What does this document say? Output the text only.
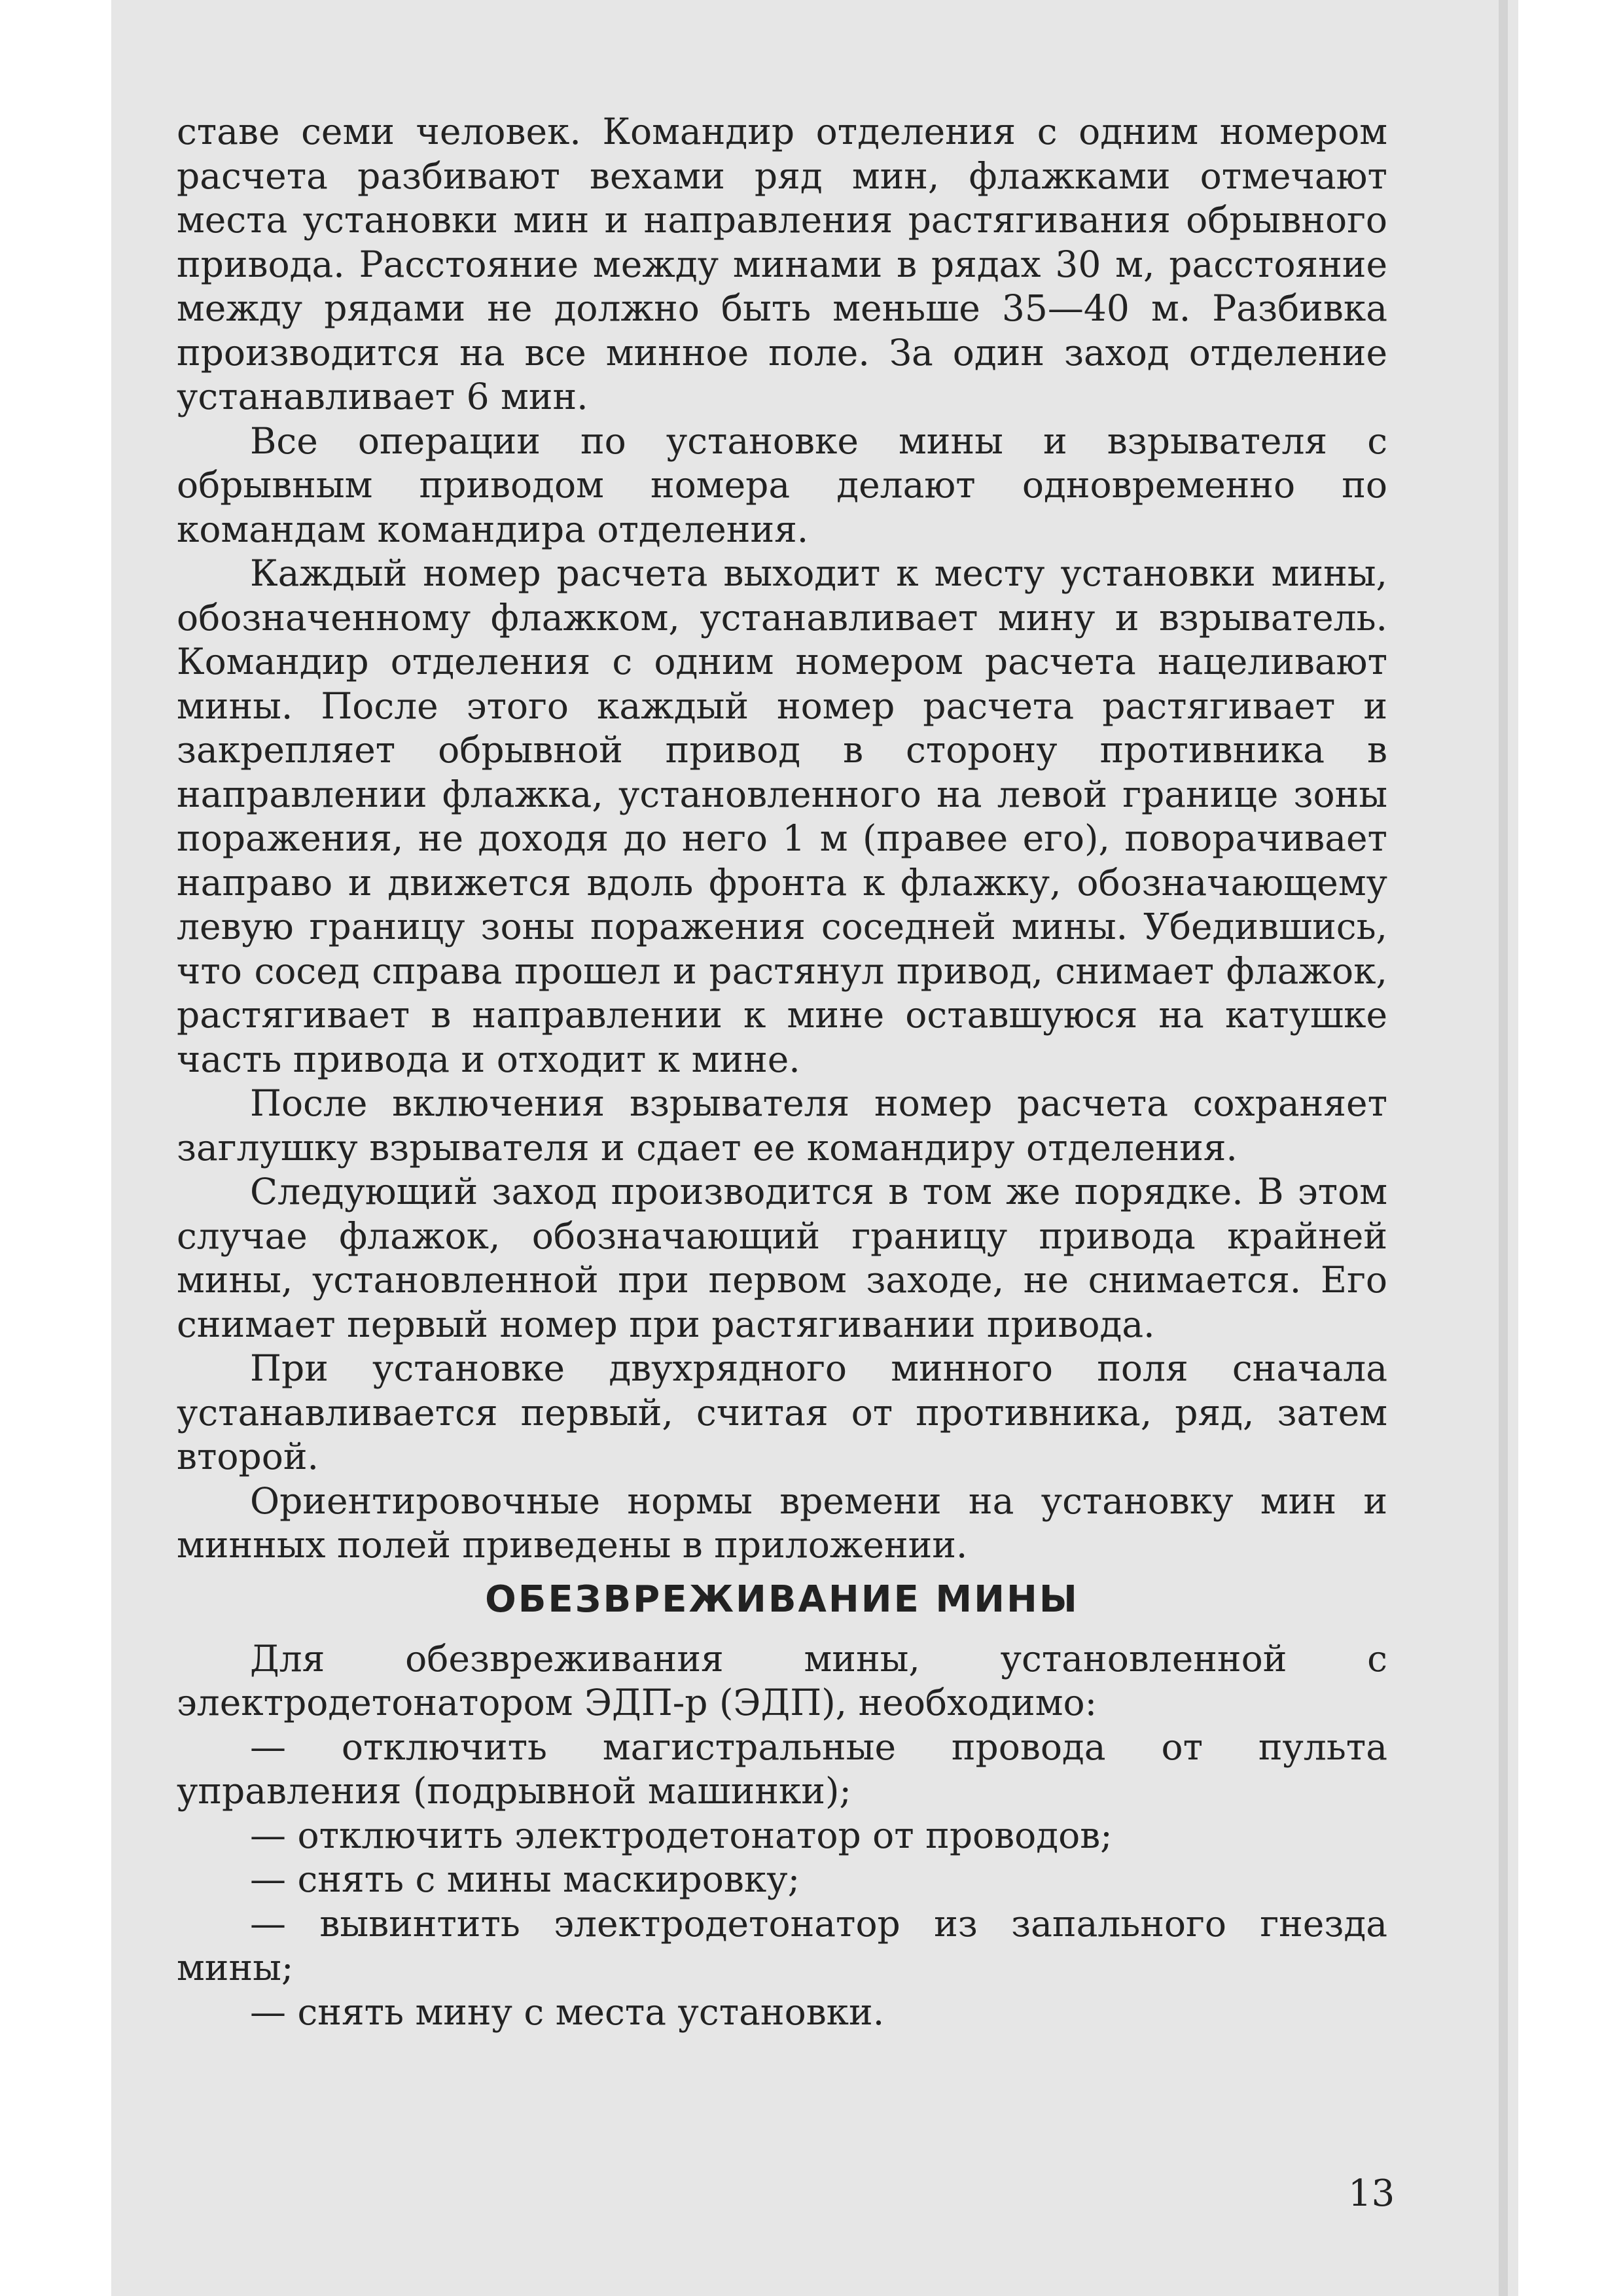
ставе семи человек. Командир отделения с одним номером расчета разбивают вехами ряд мин, флажками отмечают места установки мин и направления растягивания обрывного привода. Расстояние между минами в рядах 30 м, расстояние между рядами не должно быть меньше 35—40 м. Разбивка производится на все минное поле. За один заход отделение устанавливает 6 мин.

Все операции по установке мины и взрывателя с обрывным приводом номера делают одновременно по командам командира отделения.

Каждый номер расчета выходит к месту установки мины, обозначенному флажком, устанавливает мину и взрыватель. Командир отделения с одним номером расчета нацеливают мины. После этого каждый номер расчета растягивает и закрепляет обрывной привод в сторону противника в направлении флажка, установленного на левой границе зоны поражения, не доходя до него 1 м (правее его), поворачивает направо и движется вдоль фронта к флажку, обозначающему левую границу зоны поражения соседней мины. Убедившись, что сосед справа прошел и растянул привод, снимает флажок, растягивает в направлении к мине оставшуюся на катушке часть привода и отходит к мине.

После включения взрывателя номер расчета сохраняет заглушку взрывателя и сдает ее командиру отделения.

Следующий заход производится в том же порядке. В этом случае флажок, обозначающий границу привода крайней мины, установленной при первом заходе, не снимается. Его снимает первый номер при растягивании привода.

При установке двухрядного минного поля сначала устанавливается первый, считая от противника, ряд, затем второй.

Ориентировочные нормы времени на установку мин и минных полей приведены в приложении.

ОБЕЗВРЕЖИВАНИЕ МИНЫ

Для обезвреживания мины, установленной с электродетонатором ЭДП-р (ЭДП), необходимо:

— отключить магистральные провода от пульта управления (подрывной машинки);

— отключить электродетонатор от проводов;

— снять с мины маскировку;

— вывинтить электродетонатор из запального гнезда мины;

— снять мину с места установки.

13
